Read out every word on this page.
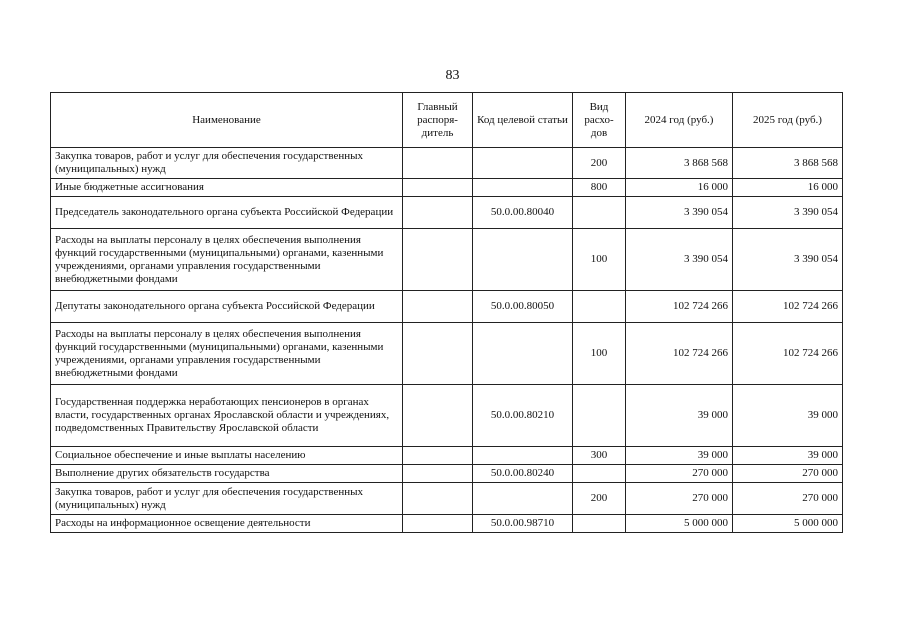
83
Наименование	Главный распоря-дитель	Код целевой статьи	Вид расхо-дов	2024 год (руб.)	2025 год (руб.)
Закупка товаров, работ и услуг для обеспечения государственных (муниципальных) нужд			200	3 868 568	3 868 568
Иные бюджетные ассигнования			800	16 000	16 000
Председатель законодательного органа субъекта Российской Федерации		50.0.00.80040		3 390 054	3 390 054
Расходы на выплаты персоналу в целях обеспечения выполнения функций государственными (муниципальными) органами, казенными учреждениями, органами управления государственными внебюджетными фондами			100	3 390 054	3 390 054
Депутаты законодательного органа субъекта Российской Федерации		50.0.00.80050		102 724 266	102 724 266
Расходы на выплаты персоналу в целях обеспечения выполнения функций государственными (муниципальными) органами, казенными учреждениями, органами управления государственными внебюджетными фондами			100	102 724 266	102 724 266
Государственная поддержка неработающих пенсионеров в органах власти, государственных органах Ярославской области и учреждениях, подведомственных Правительству Ярославской области		50.0.00.80210		39 000	39 000
Социальное обеспечение и иные выплаты населению			300	39 000	39 000
Выполнение других обязательств государства		50.0.00.80240		270 000	270 000
Закупка товаров, работ и услуг для обеспечения государственных (муниципальных) нужд			200	270 000	270 000
Расходы на информационное освещение деятельности		50.0.00.98710		5 000 000	5 000 000
